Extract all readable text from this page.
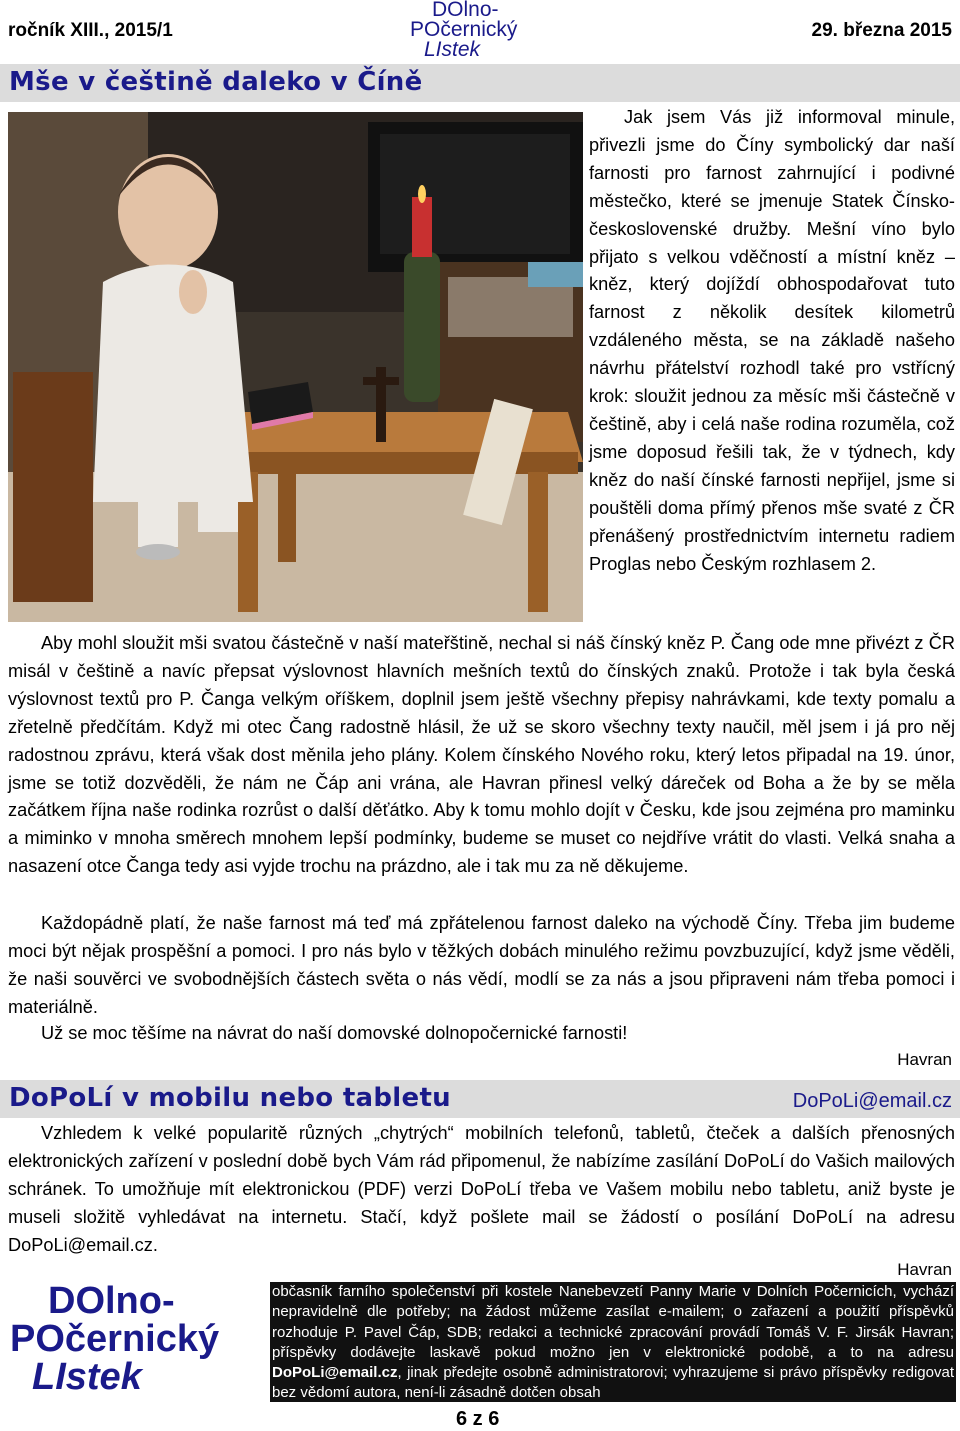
ročník XIII., 2015/1
DOlno-
POčernický
LIstek
29. března 2015
Mše v češtině daleko v Číně
Jak jsem Vás již informoval minule, přivezli jsme do Číny symbolický dar naší farnosti pro farnost zahrnující i podivné městečko, které se jmenuje Statek Čínsko-československé družby. Mešní víno bylo přijato s velkou vděčností a místní kněz – kněz, který dojíždí obhospodařovat tuto farnost z několik desítek kilometrů vzdáleného města, se na základě našeho návrhu přátelství rozhodl také pro vstřícný krok: sloužit jednou za měsíc mši částečně v češtině, aby i celá naše rodina rozuměla, což jsme doposud řešili tak, že v týdnech, kdy kněz do naší čínské farnosti nepřijel, jsme si pouštěli doma přímý přenos mše svaté z ČR přenášený prostřednictvím internetu radiem Proglas nebo Českým rozhlasem 2.
Aby mohl sloužit mši svatou částečně v naší mateřštině, nechal si náš čínský kněz P. Čang ode mne přivézt z ČR misál v češtině a navíc přepsat výslovnost hlavních mešních textů do čínských znaků. Protože i tak byla česká výslovnost textů pro P. Čanga velkým oříškem, doplnil jsem ještě všechny přepisy nahrávkami, kde texty pomalu a zřetelně předčítám. Když mi otec Čang radostně hlásil, že už se skoro všechny texty naučil, měl jsem i já pro něj radostnou zprávu, která však dost měnila jeho plány. Kolem čínského Nového roku, který letos připadal na 19. únor, jsme se totiž dozvěděli, že nám ne Čáp ani vrána, ale Havran přinesl velký dáreček od Boha a že by se měla začátkem října naše rodinka rozrůst o další děťátko. Aby k tomu mohlo dojít v Česku, kde jsou zejména pro maminku a miminko v mnoha směrech mnohem lepší podmínky, budeme se muset co nejdříve vrátit do vlasti. Velká snaha a nasazení otce Čanga tedy asi vyjde trochu na prázdno, ale i tak mu za ně děkujeme.
Každopádně platí, že naše farnost má teď má zpřátelenou farnost daleko na východě Číny. Třeba jim budeme moci být nějak prospěšní a pomoci. I pro nás bylo v těžkých dobách minulého režimu povzbuzující, když jsme věděli, že naši souvěrci ve svobodnějších částech světa o nás vědí, modlí se za nás a jsou připraveni nám třeba pomoci i materiálně.
Už se moc těšíme na návrat do naší domovské dolnopočernické farnosti!
Havran
DoPoLí v mobilu nebo tabletu	DoPoLi@email.cz
Vzhledem k velké popularitě různých „chytrých“ mobilních telefonů, tabletů, čteček a dalších přenosných elektronických zařízení v poslední době bych Vám rád připomenul, že nabízíme zasílání DoPoLí do Vašich mailových schránek. To umožňuje mít elektronickou (PDF) verzi DoPoLí třeba ve Vašem mobilu nebo tabletu, aniž byste je museli složitě vyhledávat na internetu. Stačí, když pošlete mail se žádostí o posílání DoPoLí na adresu DoPoLi@email.cz.
Havran
DOlno-
POčernický
LIstek
občasník farního společenství při kostele Nanebevzetí Panny Marie v Dolních Počernicích, vychází nepravidelně dle potřeby; na žádost můžeme zasílat e-mailem; o zařazení a použití příspěvků rozhoduje P. Pavel Čáp, SDB; redakci a technické zpracování provádí Tomáš V. F. Jirsák Havran; příspěvky dodávejte laskavě pokud možno jen v elektronické podobě, a to na adresu DoPoLi@email.cz, jinak předejte osobně administratorovi; vyhrazujeme si právo příspěvky redigovat bez vědomí autora, není-li zásadně dotčen obsah
6 z 6
